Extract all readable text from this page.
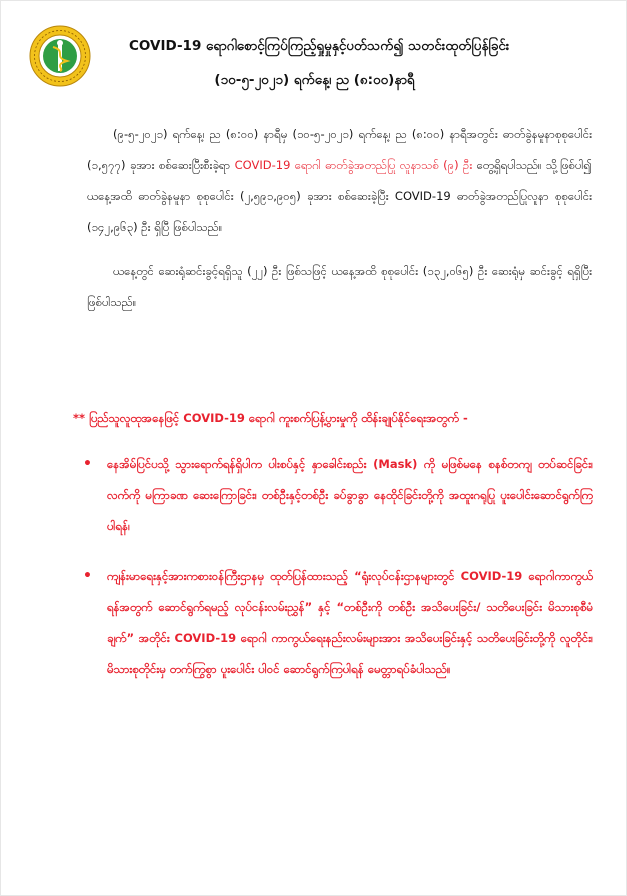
COVID-19 ရောဂါစောင့်ကြပ်ကြည့်ရှုမှုနှင့်ပတ်သက်၍ သတင်းထုတ်ပြန်ခြင်း
(၁၀-၅-၂၀၂၁) ရက်နေ့၊ ည (၈:၀၀)နာရီ
(၉-၅-၂၀၂၁) ရက်နေ့၊ ည (၈:၀၀) နာရီမှ (၁၀-၅-၂၀၂၁) ရက်နေ့၊ ည (၈:၀၀) နာရီအတွင်း ဓာတ်ခွဲနမူနာစုစုပေါင်း (၁,၅၇၇) ခုအား စစ်ဆေးပြီးစီးခဲ့ရာ COVID-19 ရောဂါ ဓာတ်ခွဲအတည်ပြု လူနာသစ် (၉) ဦး တွေ့ရှိရပါသည်။ သို့ဖြစ်ပါ၍ ယနေ့အထိ ဓာတ်ခွဲနမူနာ စုစုပေါင်း (၂,၅၉၁,၉၀၅) ခုအား စစ်ဆေးခဲ့ပြီး COVID-19 ဓာတ်ခွဲအတည်ပြုလူနာ စုစုပေါင်း (၁၄၂,၉၆၃) ဦး ရှိပြီ ဖြစ်ပါသည်။
ယနေ့တွင် ဆေးရုံဆင်းခွင့်ရရှိသူ (၂၂) ဦး ဖြစ်သဖြင့် ယနေ့အထိ စုစုပေါင်း (၁၃၂,၀၆၅) ဦး ဆေးရုံမှ ဆင်းခွင့် ရရှိပြီး ဖြစ်ပါသည်။
** ပြည်သူလူထုအနေဖြင့် COVID-19 ရောဂါ ကူးစက်ပြန့်ပွားမှုကို ထိန်းချုပ်နိုင်ရေးအတွက် -
•	နေအိမ်ပြင်ပသို့ သွားရောက်ရန်ရှိပါက ပါးစပ်နှင့် နှာခေါင်းစည်း (Mask) ကို မဖြစ်မနေ စနစ်တကျ တပ်ဆင်ခြင်း၊ လက်ကို မကြာခဏ ဆေးကြောခြင်း၊ တစ်ဦးနှင့်တစ်ဦး ခပ်ခွာခွာ နေထိုင်ခြင်းတို့ကို အထူးဂရုပြု ပူးပေါင်းဆောင်ရွက်ကြပါရန်၊
•	ကျန်းမာရေးနှင့်အားကစားဝန်ကြီးဌာနမှ ထုတ်ပြန်ထားသည့် “ရုံးလုပ်ငန်းဌာနများတွင် COVID-19 ရောဂါကာကွယ်ရန်အတွက် ဆောင်ရွက်ရမည့် လုပ်ငန်းလမ်းညွှန်” နှင့် “တစ်ဦးကို တစ်ဦး အသိပေးခြင်း/ သတိပေးခြင်း မိသားစုစီမံချက်” အတိုင်း COVID-19 ရောဂါ ကာကွယ်ရေးနည်းလမ်းများအား အသိပေးခြင်းနှင့် သတိပေးခြင်းတို့ကို လူတိုင်း၊ မိသားစုတိုင်းမှ တက်ကြွစွာ ပူးပေါင်း ပါဝင် ဆောင်ရွက်ကြပါရန် မေတ္တာရပ်ခံပါသည်။
